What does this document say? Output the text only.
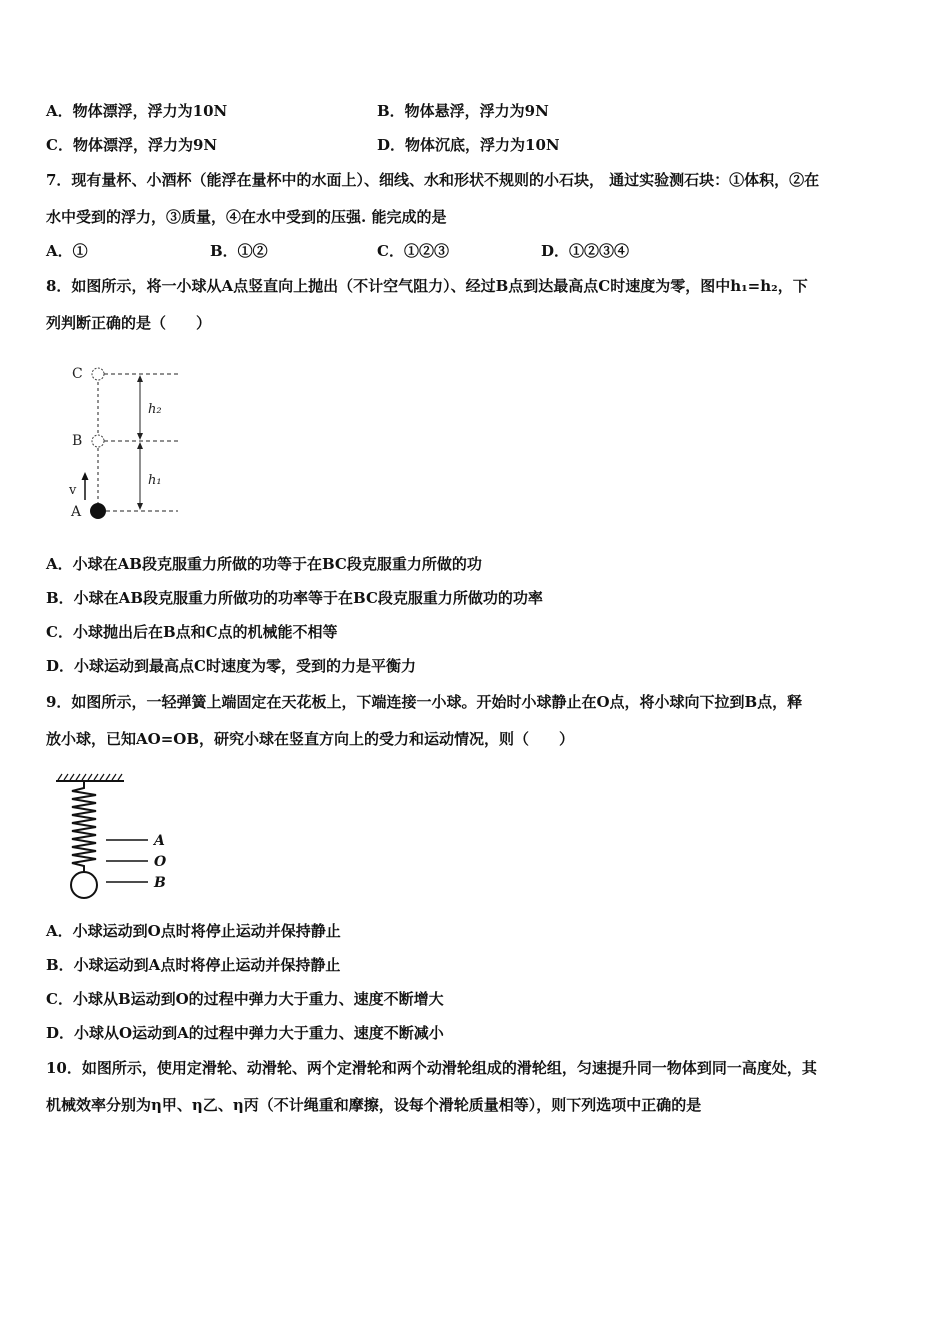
A．物体漂浮，浮力为10N	B．物体悬浮，浮力为9N
C．物体漂浮，浮力为9N	D．物体沉底，浮力为10N
7．现有量杯、小酒杯（能浮在量杯中的水面上）、细线、水和形状不规则的小石块， 通过实验测石块：①体积，②在
水中受到的浮力，③质量，④在水中受到的压强. 能完成的是
A．①	B．①②	C．①②③	D．①②③④
8．如图所示，将一小球从A点竖直向上抛出（不计空气阻力）、经过B点到达最高点C时速度为零，图中h₁=h₂，下
列判断正确的是（　　）
C
B
A
v
h₂
h₁
A．小球在AB段克服重力所做的功等于在BC段克服重力所做的功
B．小球在AB段克服重力所做功的功率等于在BC段克服重力所做功的功率
C．小球抛出后在B点和C点的机械能不相等
D．小球运动到最高点C时速度为零，受到的力是平衡力
9．如图所示，一轻弹簧上端固定在天花板上，下端连接一小球。开始时小球静止在O点，将小球向下拉到B点，释
放小球，已知AO=OB，研究小球在竖直方向上的受力和运动情况，则（　　）
A
O
B
A．小球运动到O点时将停止运动并保持静止
B．小球运动到A点时将停止运动并保持静止
C．小球从B运动到O的过程中弹力大于重力、速度不断增大
D．小球从O运动到A的过程中弹力大于重力、速度不断减小
10．如图所示，使用定滑轮、动滑轮、两个定滑轮和两个动滑轮组成的滑轮组，匀速提升同一物体到同一高度处，其
机械效率分别为η甲、η乙、η丙（不计绳重和摩擦，设每个滑轮质量相等），则下列选项中正确的是
